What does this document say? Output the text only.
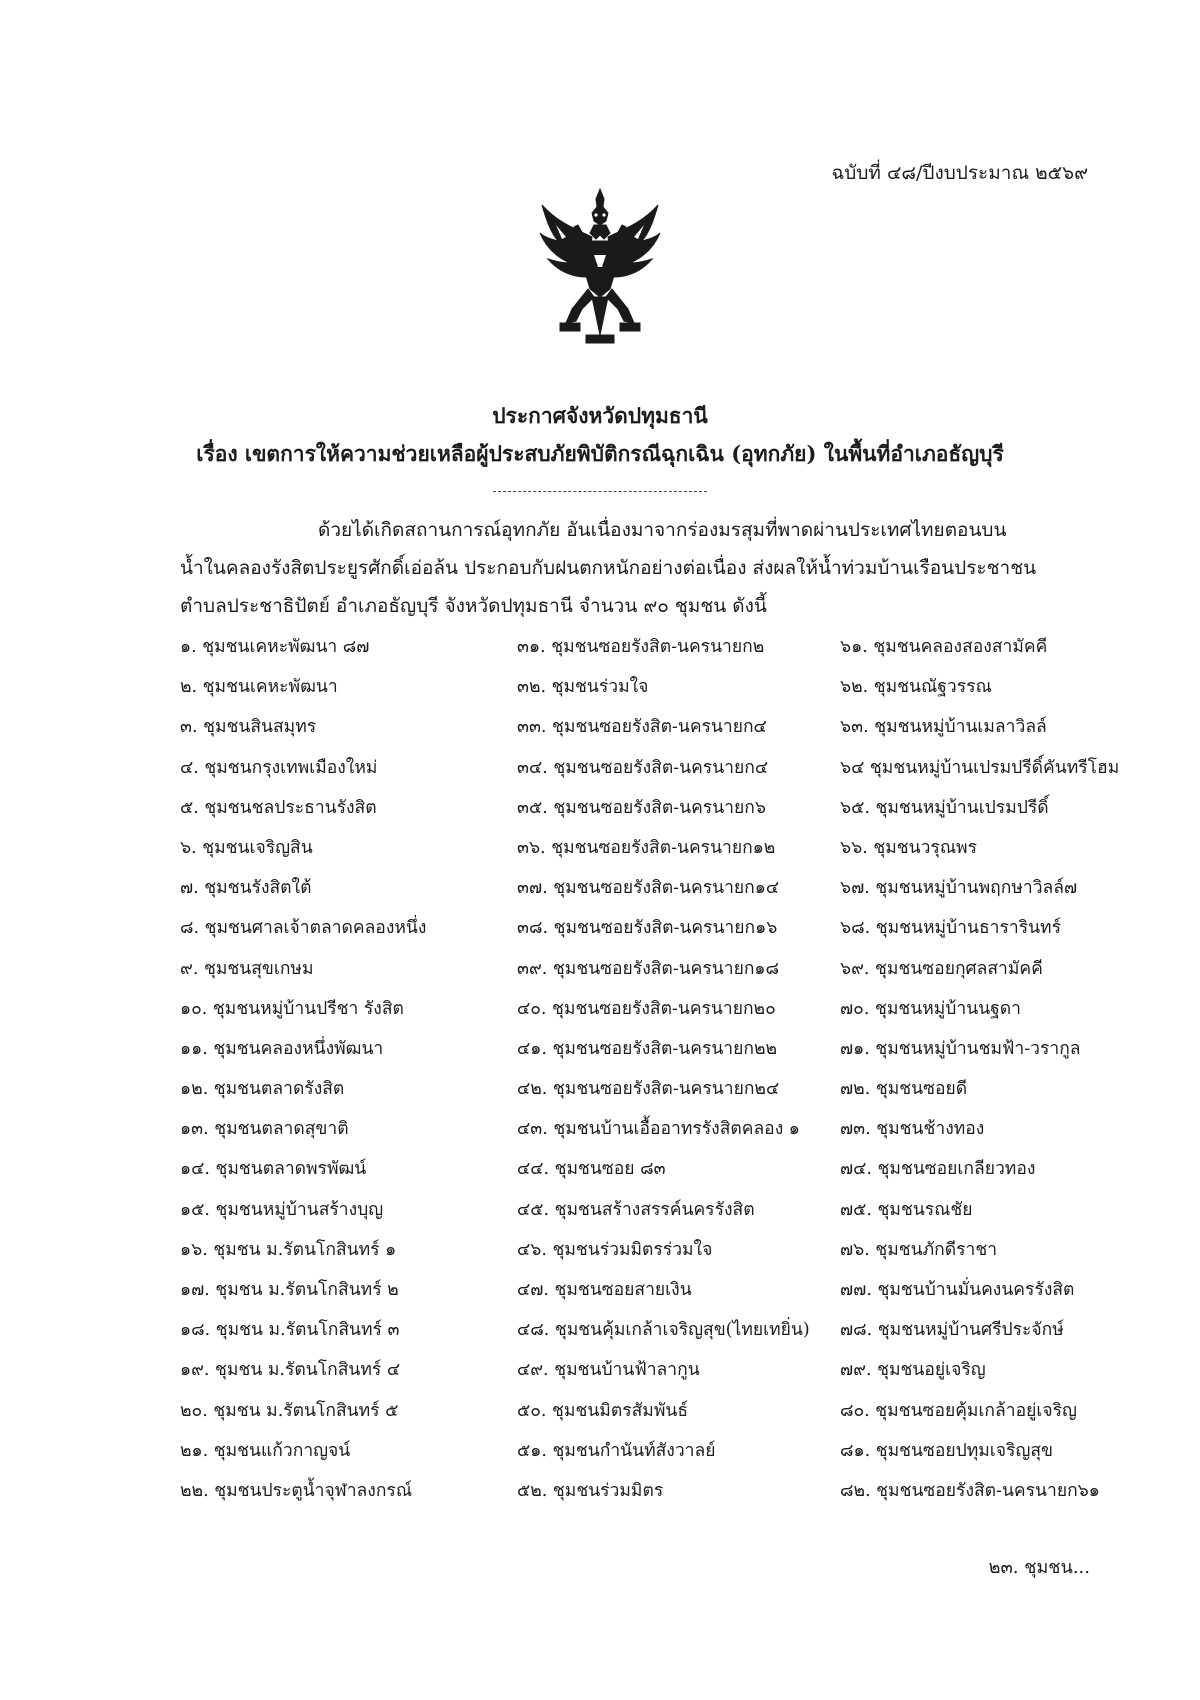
ฉบับที่ ๔๘/ปีงบประมาณ ๒๕๖๙
ประกาศจังหวัดปทุมธานี
เรื่อง เขตการให้ความช่วยเหลือผู้ประสบภัยพิบัติกรณีฉุกเฉิน (อุทกภัย) ในพื้นที่อำเภอธัญบุรี
ด้วยได้เกิดสถานการณ์อุทกภัย อันเนื่องมาจากร่องมรสุมที่พาดผ่านประเทศไทยตอนบน
น้ำในคลองรังสิตประยูรศักดิ์เอ่อล้น ประกอบกับฝนตกหนักอย่างต่อเนื่อง ส่งผลให้น้ำท่วมบ้านเรือนประชาชน
ตำบลประชาธิปัตย์ อำเภอธัญบุรี จังหวัดปทุมธานี จำนวน ๙๐ ชุมชน ดังนี้
๑. ชุมชนเคหะพัฒนา ๘๗
๒. ชุมชนเคหะพัฒนา
๓. ชุมชนสินสมุทร
๔. ชุมชนกรุงเทพเมืองใหม่
๕. ชุมชนชลประธานรังสิต
๖. ชุมชนเจริญสิน
๗. ชุมชนรังสิตใต้
๘. ชุมชนศาลเจ้าตลาดคลองหนึ่ง
๙. ชุมชนสุขเกษม
๑๐. ชุมชนหมู่บ้านปรีชา รังสิต
๑๑. ชุมชนคลองหนึ่งพัฒนา
๑๒. ชุมชนตลาดรังสิต
๑๓. ชุมชนตลาดสุขาติ
๑๔. ชุมชนตลาดพรพัฒน์
๑๕. ชุมชนหมู่บ้านสร้างบุญ
๑๖. ชุมชน ม.รัตนโกสินทร์ ๑
๑๗. ชุมชน ม.รัตนโกสินทร์ ๒
๑๘. ชุมชน ม.รัตนโกสินทร์ ๓
๑๙. ชุมชน ม.รัตนโกสินทร์ ๔
๒๐. ชุมชน ม.รัตนโกสินทร์ ๕
๒๑. ชุมชนแก้วกาญจน์
๒๒. ชุมชนประตูน้ำจุฬาลงกรณ์
๓๑. ชุมชนซอยรังสิต-นครนายก๒
๓๒. ชุมชนร่วมใจ
๓๓. ชุมชนซอยรังสิต-นครนายก๔
๓๔. ชุมชนซอยรังสิต-นครนายก๔
๓๕. ชุมชนซอยรังสิต-นครนายก๖
๓๖. ชุมชนซอยรังสิต-นครนายก๑๒
๓๗. ชุมชนซอยรังสิต-นครนายก๑๔
๓๘. ชุมชนซอยรังสิต-นครนายก๑๖
๓๙. ชุมชนซอยรังสิต-นครนายก๑๘
๔๐. ชุมชนซอยรังสิต-นครนายก๒๐
๔๑. ชุมชนซอยรังสิต-นครนายก๒๒
๔๒. ชุมชนซอยรังสิต-นครนายก๒๔
๔๓. ชุมชนบ้านเอื้ออาทรรังสิตคลอง ๑
๔๔. ชุมชนซอย ๘๓
๔๕. ชุมชนสร้างสรรค์นครรังสิต
๔๖. ชุมชนร่วมมิตรร่วมใจ
๔๗. ชุมชนซอยสายเงิน
๔๘. ชุมชนคุ้มเกล้าเจริญสุข(ไทยเทยิ่น)
๔๙. ชุมชนบ้านฟ้าลากูน
๕๐. ชุมชนมิตรสัมพันธ์
๕๑. ชุมชนกำนันท์สังวาลย์
๕๒. ชุมชนร่วมมิตร
๖๑. ชุมชนคลองสองสามัคคี
๖๒. ชุมชนณัฐวรรณ
๖๓. ชุมชนหมู่บ้านเมลาวิลล์
๖๔ ชุมชนหมู่บ้านเปรมปรีดิ์คันทรีโฮม
๖๕. ชุมชนหมู่บ้านเปรมปรีดิ์
๖๖. ชุมชนวรุณพร
๖๗. ชุมชนหมู่บ้านพฤกษาวิลล์๗
๖๘. ชุมชนหมู่บ้านธารารินทร์
๖๙. ชุมชนซอยกุศลสามัคคี
๗๐. ชุมชนหมู่บ้านนฐดา
๗๑. ชุมชนหมู่บ้านชมฟ้า-วรากูล
๗๒. ชุมชนซอยดี
๗๓. ชุมชนช้างทอง
๗๔. ชุมชนซอยเกลียวทอง
๗๕. ชุมชนรณชัย
๗๖. ชุมชนภักดีราชา
๗๗. ชุมชนบ้านมั่นคงนครรังสิต
๗๘. ชุมชนหมู่บ้านศรีประจักษ์
๗๙. ชุมชนอยู่เจริญ
๘๐. ชุมชนซอยคุ้มเกล้าอยู่เจริญ
๘๑. ชุมชนซอยปทุมเจริญสุข
๘๒. ชุมชนซอยรังสิต-นครนายก๖๑
๒๓. ชุมชน...
